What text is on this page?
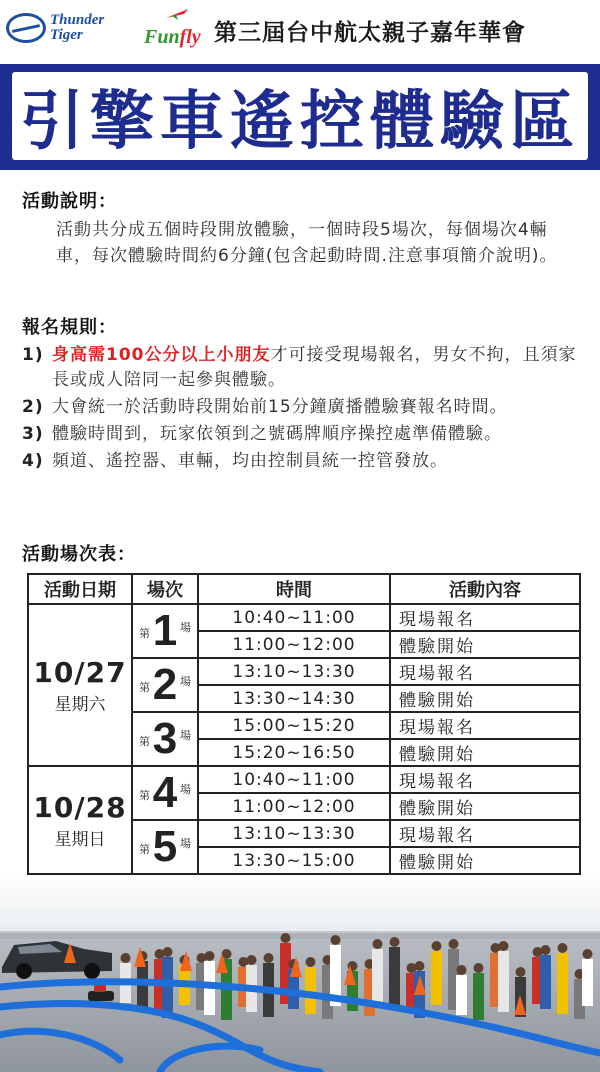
Thunder
Tiger	Funfly 第三屆台中航太親子嘉年華會
引擎車遙控體驗區
活動說明：
活動共分成五個時段開放體驗，一個時段5場次，每個場次4輛車，每次體驗時間約6分鐘(包含起動時間.注意事項簡介說明)。
報名規則：
1) 身高需100公分以上小朋友才可接受現場報名，男女不拘，且須家長或成人陪同一起參與體驗。
2) 大會統一於活動時段開始前15分鐘廣播體驗賽報名時間。
3) 體驗時間到，玩家依領到之號碼牌順序操控處準備體驗。
4) 頻道、遙控器、車輛，均由控制員統一控管發放。
活動場次表：
活動日期	場次	時間	活動內容

10/27
星期六	第 1 場	10:40~11:00	現場報名
		11:00~12:00	體驗開始

	第 2 場	13:10~13:30	現場報名
		13:30~14:30	體驗開始

	第 3 場	15:00~15:20	現場報名
		15:20~16:50	體驗開始

10/28
星期日	第 4 場	10:40~11:00	現場報名
		11:00~12:00	體驗開始

	第 5 場	13:10~13:30	現場報名
		13:30~15:00	體驗開始
